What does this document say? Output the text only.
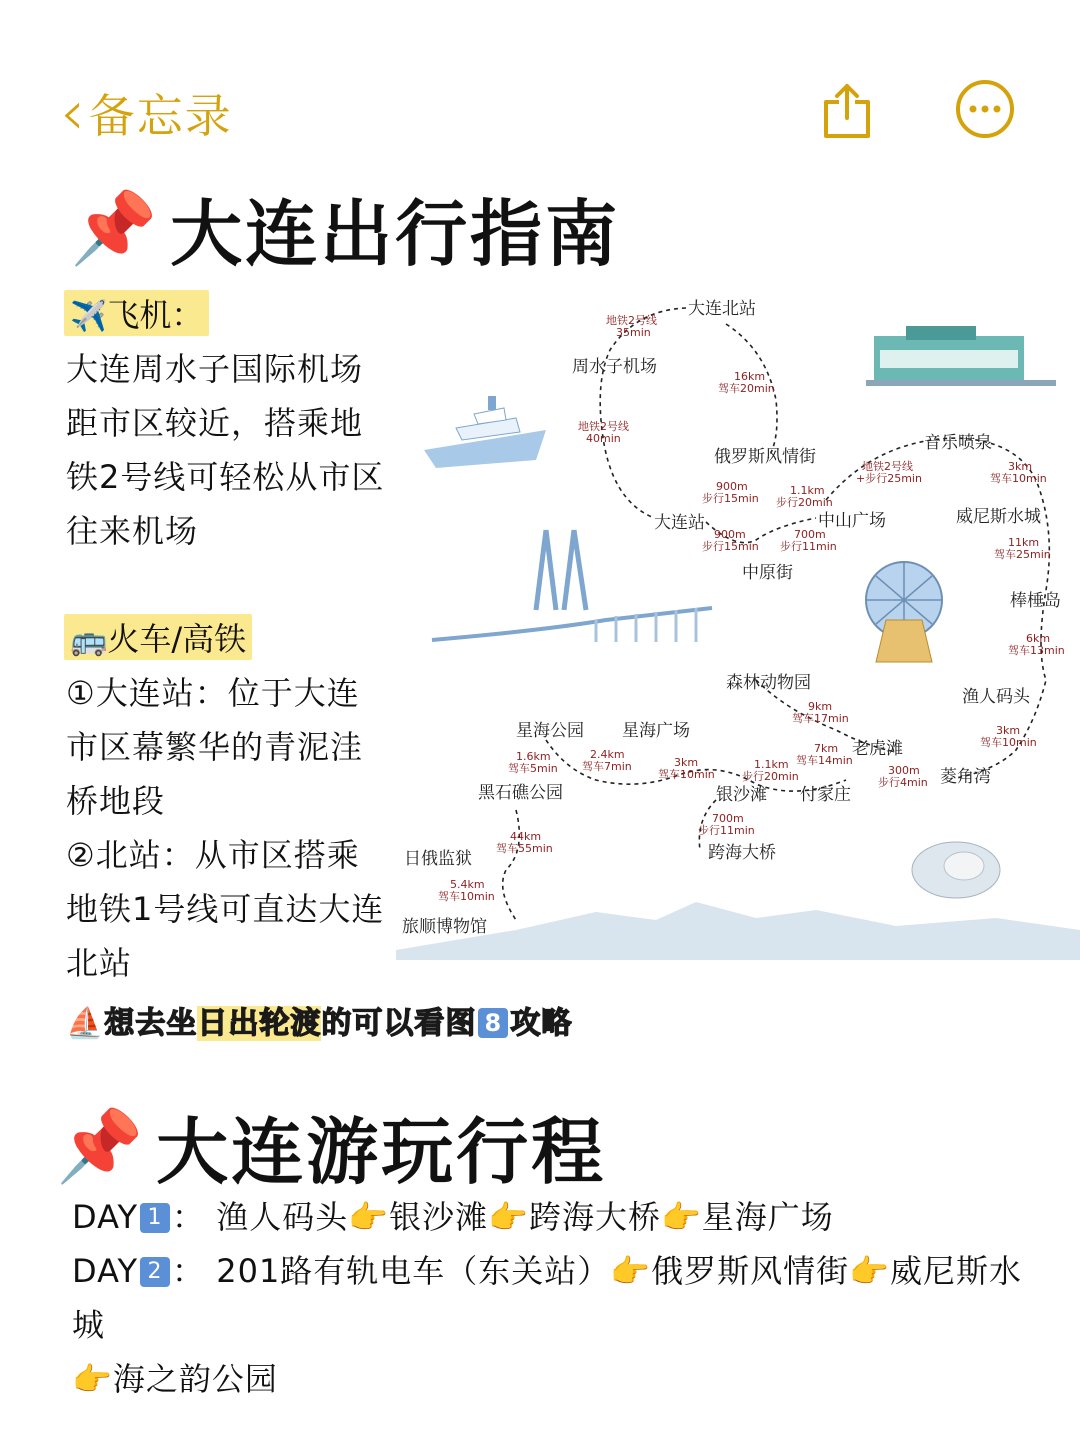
‹ 备忘录
📌 大连出行指南
✈️飞机：
大连周水子国际机场
距市区较近，搭乘地
铁2号线可轻松从市区
往来机场
🚌火车/高铁
①大连站：位于大连
市区幕繁华的青泥洼
桥地段
②北站：从市区搭乘
地铁1号线可直达大连
北站
⛵想去坐日出轮渡的可以看图 8 攻略
大连北站
周水子机场
俄罗斯风情街
音乐喷泉
大连站	中山广场	威尼斯水城
中原街
棒棰岛
森林动物园
渔人码头
星海公园 星海广场
老虎滩
黑石礁公园	银沙滩 付家庄
菱角湾
日俄监狱	跨海大桥
旅顺博物馆
地铁2号线
35min
16km
驾车20min
地铁2号线
40min
地铁2号线
+步行25min
3km
驾车10min
900m
步行15min
1.1km
步行20min
900m
步行15min
700m
步行11min	11km
驾车25min
6km
驾车13min
9km
驾车17min
3km
驾车10min
1.6km
驾车5min
2.4km
驾车7min	3km
驾车10min
1.1km
步行20min
7km
驾车14min
300m
步行4min
700m
步行11min
44km
驾车55min
5.4km
驾车10min
📌 大连游玩行程
DAY 1 ： 渔人码头👉银沙滩👉跨海大桥👉星海广场
DAY 2 ： 201路有轨电车（东关站）👉俄罗斯风情街👉威尼斯水城
👉海之韵公园
